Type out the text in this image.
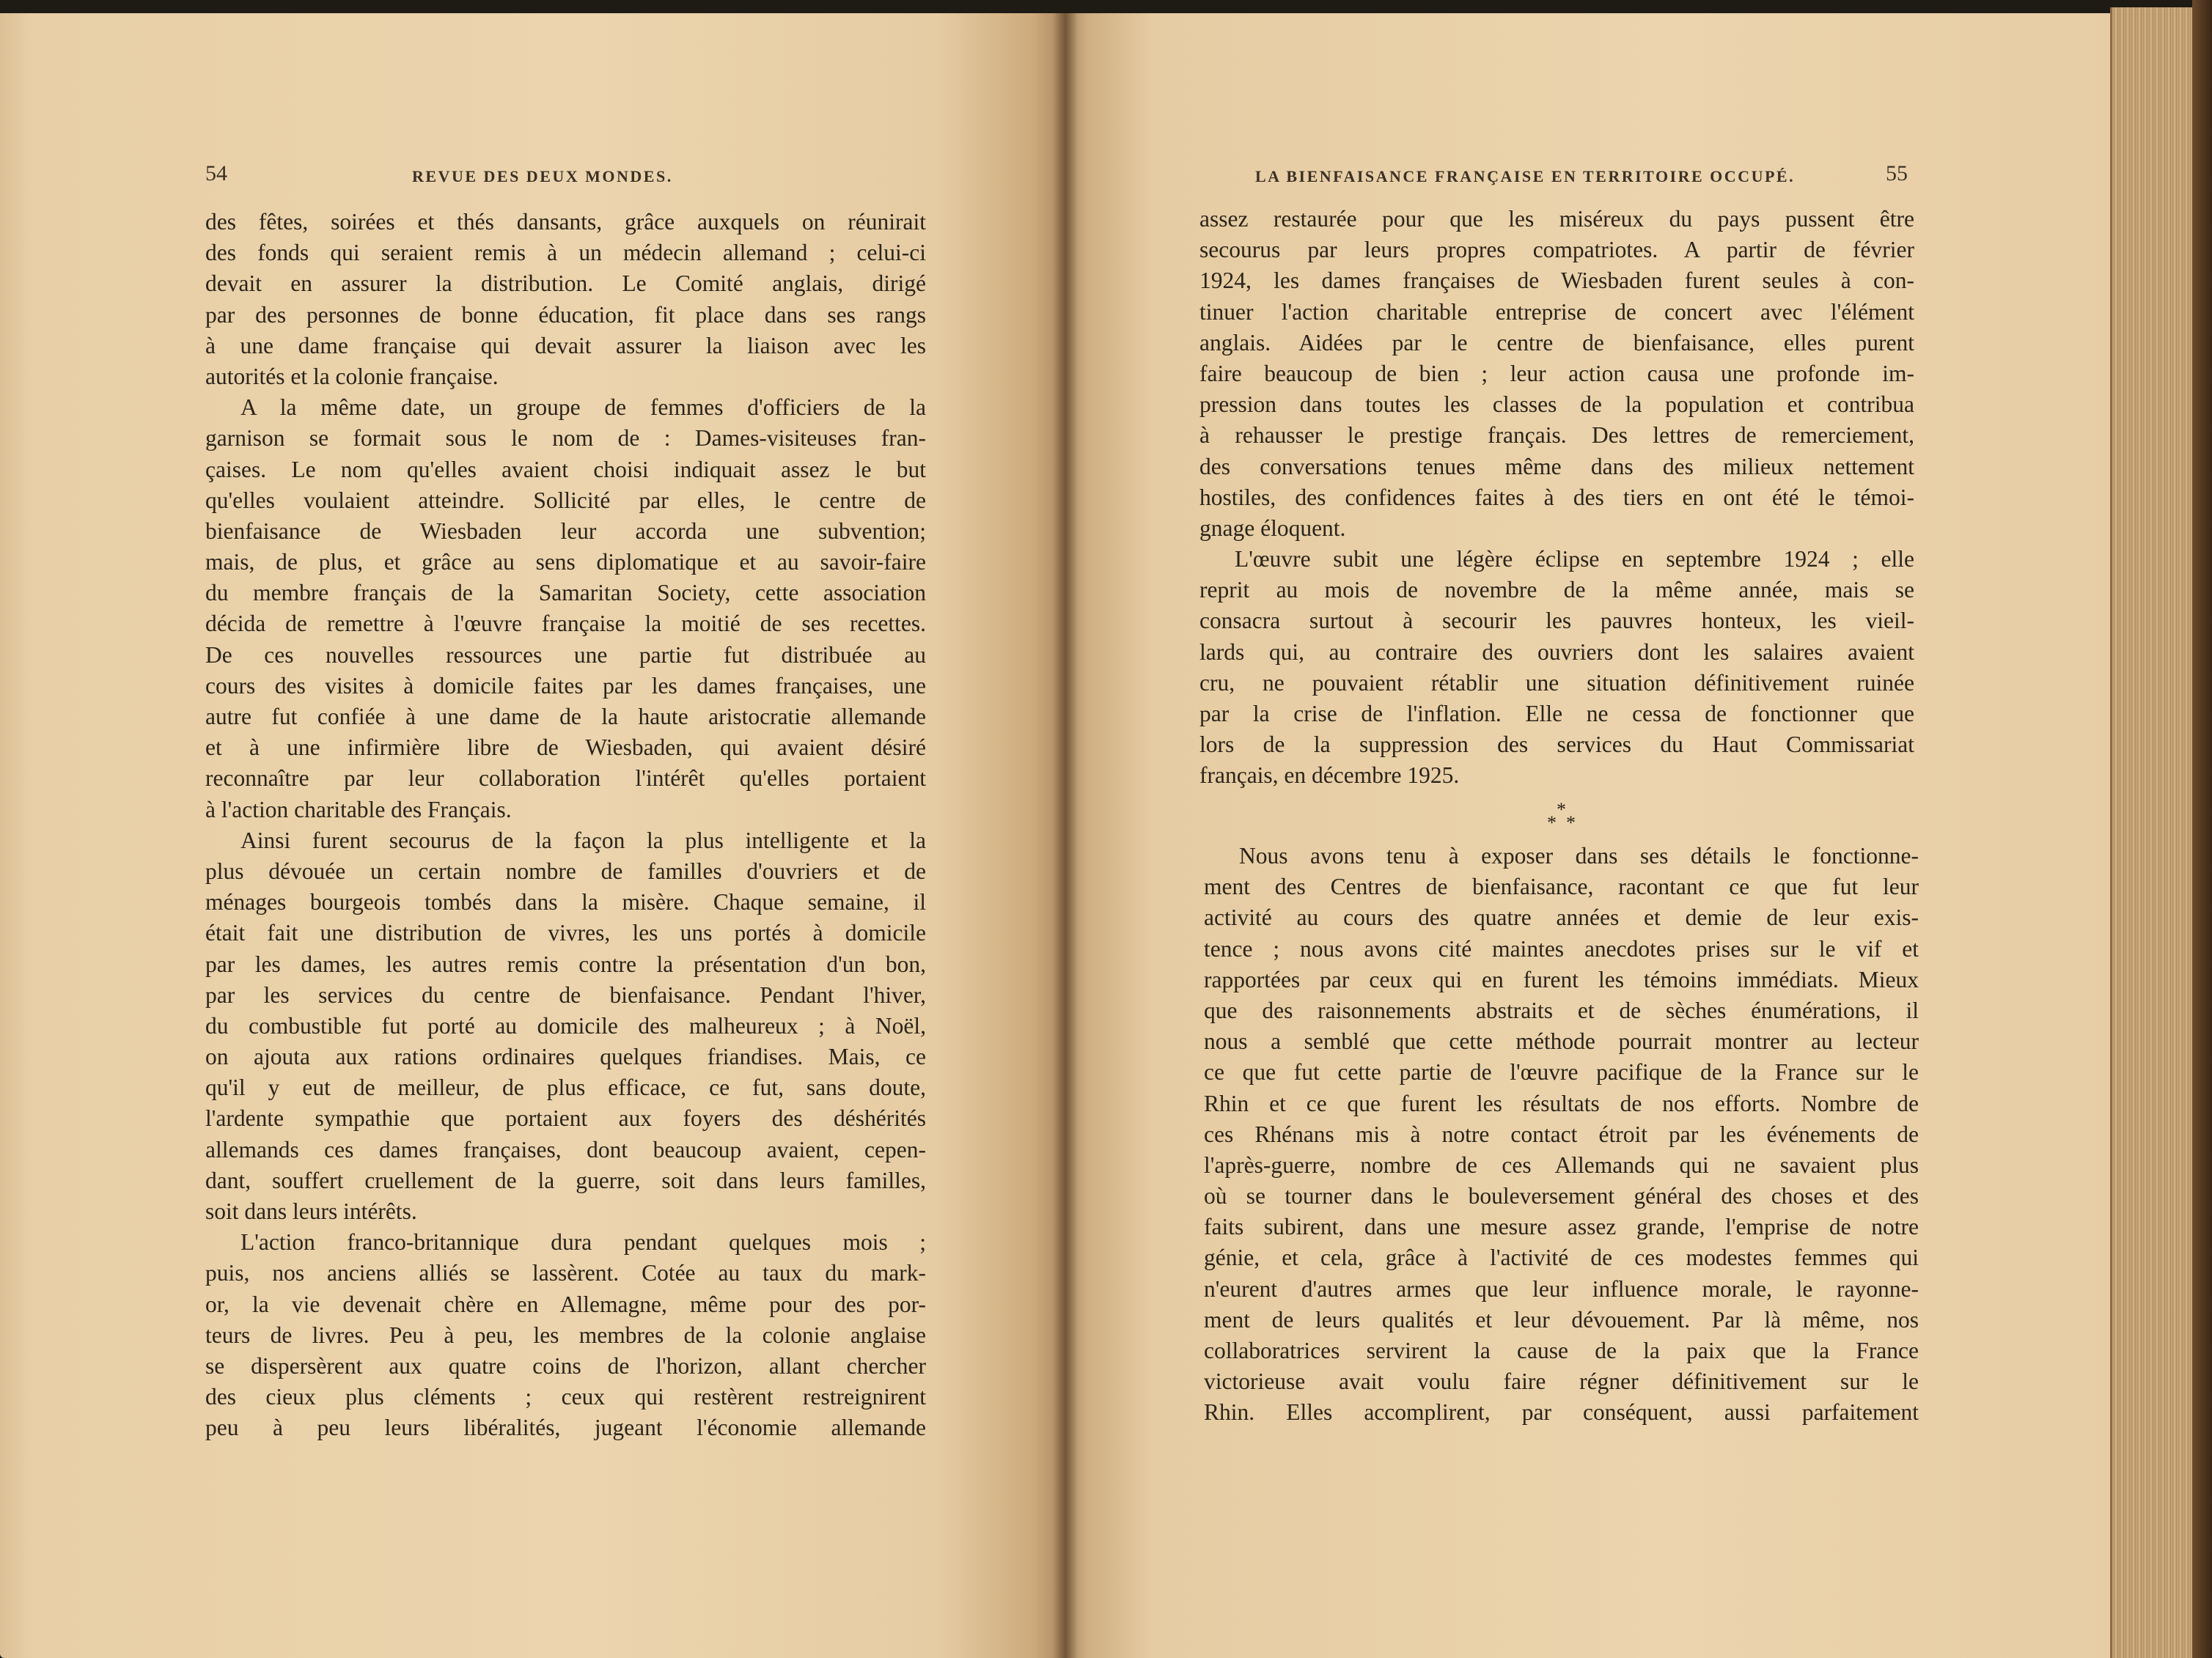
54	REVUE DES DEUX MONDES.	LA BIENFAISANCE FRANÇAISE EN TERRITOIRE OCCUPÉ.	55
des fêtes, soirées et thés dansants, grâce auxquels on réunirait
des fonds qui seraient remis à un médecin allemand ; celui-ci
devait en assurer la distribution. Le Comité anglais, dirigé
par des personnes de bonne éducation, fit place dans ses rangs
à une dame française qui devait assurer la liaison avec les
autorités et la colonie française.
A la même date, un groupe de femmes d'officiers de la
garnison se formait sous le nom de : Dames-visiteuses fran-
çaises. Le nom qu'elles avaient choisi indiquait assez le but
qu'elles voulaient atteindre. Sollicité par elles, le centre de
bienfaisance de Wiesbaden leur accorda une subvention;
mais, de plus, et grâce au sens diplomatique et au savoir-faire
du membre français de la Samaritan Society, cette association
décida de remettre à l'œuvre française la moitié de ses recettes.
De ces nouvelles ressources une partie fut distribuée au
cours des visites à domicile faites par les dames françaises, une
autre fut confiée à une dame de la haute aristocratie allemande
et à une infirmière libre de Wiesbaden, qui avaient désiré
reconnaître par leur collaboration l'intérêt qu'elles portaient
à l'action charitable des Français.
Ainsi furent secourus de la façon la plus intelligente et la
plus dévouée un certain nombre de familles d'ouvriers et de
ménages bourgeois tombés dans la misère. Chaque semaine, il
était fait une distribution de vivres, les uns portés à domicile
par les dames, les autres remis contre la présentation d'un bon,
par les services du centre de bienfaisance. Pendant l'hiver,
du combustible fut porté au domicile des malheureux ; à Noël,
on ajouta aux rations ordinaires quelques friandises. Mais, ce
qu'il y eut de meilleur, de plus efficace, ce fut, sans doute,
l'ardente sympathie que portaient aux foyers des déshérités
allemands ces dames françaises, dont beaucoup avaient, cepen-
dant, souffert cruellement de la guerre, soit dans leurs familles,
soit dans leurs intérêts.
L'action franco-britannique dura pendant quelques mois ;
puis, nos anciens alliés se lassèrent. Cotée au taux du mark-
or, la vie devenait chère en Allemagne, même pour des por-
teurs de livres. Peu à peu, les membres de la colonie anglaise
se dispersèrent aux quatre coins de l'horizon, allant chercher
des cieux plus cléments ; ceux qui restèrent restreignirent
peu à peu leurs libéralités, jugeant l'économie allemande
assez restaurée pour que les miséreux du pays pussent être
secourus par leurs propres compatriotes. A partir de février
1924, les dames françaises de Wiesbaden furent seules à con-
tinuer l'action charitable entreprise de concert avec l'élément
anglais. Aidées par le centre de bienfaisance, elles purent
faire beaucoup de bien ; leur action causa une profonde im-
pression dans toutes les classes de la population et contribua
à rehausser le prestige français. Des lettres de remerciement,
des conversations tenues même dans des milieux nettement
hostiles, des confidences faites à des tiers en ont été le témoi-
gnage éloquent.
L'œuvre subit une légère éclipse en septembre 1924 ; elle
reprit au mois de novembre de la même année, mais se
consacra surtout à secourir les pauvres honteux, les vieil-
lards qui, au contraire des ouvriers dont les salaires avaient
cru, ne pouvaient rétablir une situation définitivement ruinée
par la crise de l'inflation. Elle ne cessa de fonctionner que
lors de la suppression des services du Haut Commissariat
français, en décembre 1925.
*
* *
Nous avons tenu à exposer dans ses détails le fonctionne-
ment des Centres de bienfaisance, racontant ce que fut leur
activité au cours des quatre années et demie de leur exis-
tence ; nous avons cité maintes anecdotes prises sur le vif et
rapportées par ceux qui en furent les témoins immédiats. Mieux
que des raisonnements abstraits et de sèches énumérations, il
nous a semblé que cette méthode pourrait montrer au lecteur
ce que fut cette partie de l'œuvre pacifique de la France sur le
Rhin et ce que furent les résultats de nos efforts. Nombre de
ces Rhénans mis à notre contact étroit par les événements de
l'après-guerre, nombre de ces Allemands qui ne savaient plus
où se tourner dans le bouleversement général des choses et des
faits subirent, dans une mesure assez grande, l'emprise de notre
génie, et cela, grâce à l'activité de ces modestes femmes qui
n'eurent d'autres armes que leur influence morale, le rayonne-
ment de leurs qualités et leur dévouement. Par là même, nos
collaboratrices servirent la cause de la paix que la France
victorieuse avait voulu faire régner définitivement sur le
Rhin. Elles accomplirent, par conséquent, aussi parfaitement
